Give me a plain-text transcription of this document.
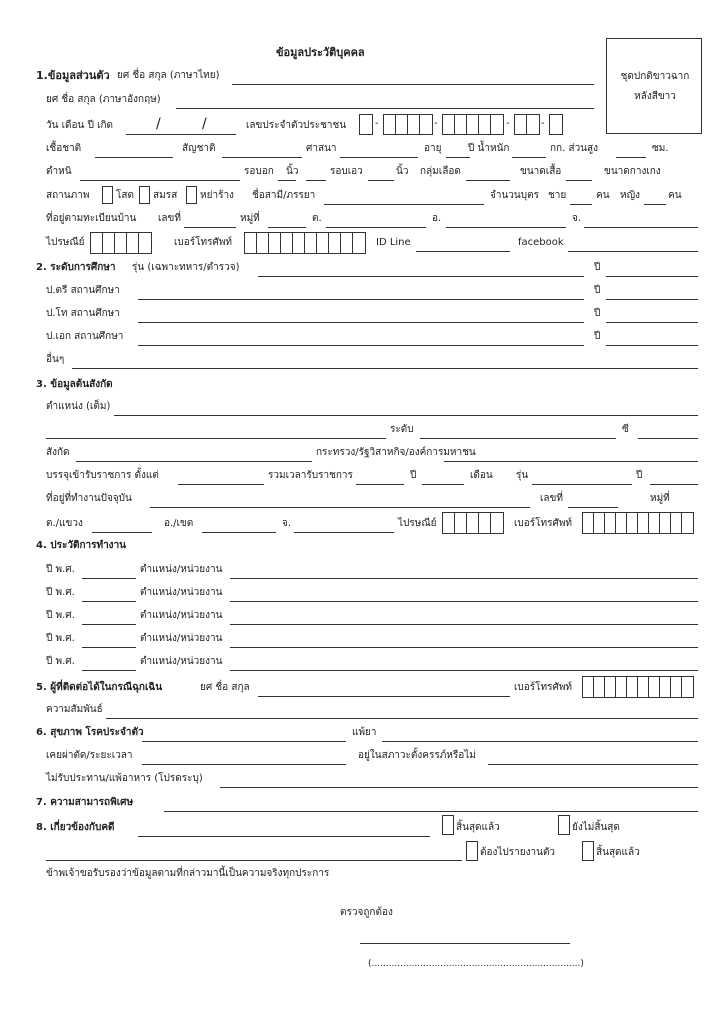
ข้อมูลประวัติบุคคล
ชุดปกติขาวฉาก
หลังสีขาว
1.ข้อมูลส่วนตัว ยศ ชื่อ สกุล (ภาษาไทย)
ยศ ชื่อ สกุล (ภาษาอังกฤษ)
วัน เดือน ปี เกิด	/	/	เลขประจำตัวประชาชน	-	-	-	-
เชื้อชาติ	สัญชาติ	ศาสนา	อายุ	ปี น้ำหนัก	กก. ส่วนสูง	ซม.
ตำหนิ	รอบอก นิ้ว	รอบเอว	นิ้ว กลุ่มเลือด	ขนาดเสื้อ	ขนาดกางเกง
สถานภาพ	โสด สมรส หย่าร้าง ชื่อสามี/ภรรยา	จำนวนบุตร ชาย	คน หญิง	คน
ที่อยู่ตามทะเบียนบ้าน เลขที่	หมู่ที่	ต.	อ.	จ.
ไปรษณีย์	เบอร์โทรศัพท์	ID Line	facebook
2. ระดับการศึกษา รุ่น (เฉพาะทหาร/ตำรวจ)	ปี
ป.ตรี สถานศึกษา	ปี
ป.โท สถานศึกษา	ปี
ป.เอก สถานศึกษา	ปี
อื่นๆ
3. ข้อมูลต้นสังกัด
ตำแหน่ง (เต็ม)
ระดับ	ซี
สังกัด	กระทรวง/รัฐวิสาหกิจ/องค์การมหาชน
บรรจุเข้ารับราชการ ตั้งแต่	รวมเวลารับราชการ	ปี	เดือน รุ่น	ปี
ที่อยู่ที่ทำงานปัจจุบัน	เลขที่	หมู่ที่
ต./แขวง	อ./เขต	จ.	ไปรษณีย์	เบอร์โทรศัพท์
4. ประวัติการทำงาน
ปี พ.ศ.	ตำแหน่ง/หน่วยงาน
ปี พ.ศ.	ตำแหน่ง/หน่วยงาน
ปี พ.ศ.	ตำแหน่ง/หน่วยงาน
ปี พ.ศ.	ตำแหน่ง/หน่วยงาน
ปี พ.ศ.	ตำแหน่ง/หน่วยงาน
5. ผู้ที่ติดต่อได้ในกรณีฉุกเฉิน	ยศ ชื่อ สกุล	เบอร์โทรศัพท์
ความสัมพันธ์
6. สุขภาพ โรคประจำตัว	แพ้ยา
เคยผ่าตัด/ระยะเวลา	อยู่ในสภาวะตั้งครรภ์หรือไม่
ไม่รับประทาน/แพ้อาหาร (โปรดระบุ)
7. ความสามารถพิเศษ
8. เกี่ยวข้องกับคดี	สิ้นสุดแล้ว	ยังไม่สิ้นสุด
ต้องไปรายงานตัว	สิ้นสุดแล้ว
ข้าพเจ้าขอรับรองว่าข้อมูลตามที่กล่าวมานี้เป็นความจริงทุกประการ
ตรวจถูกต้อง
(.........................................................................)
